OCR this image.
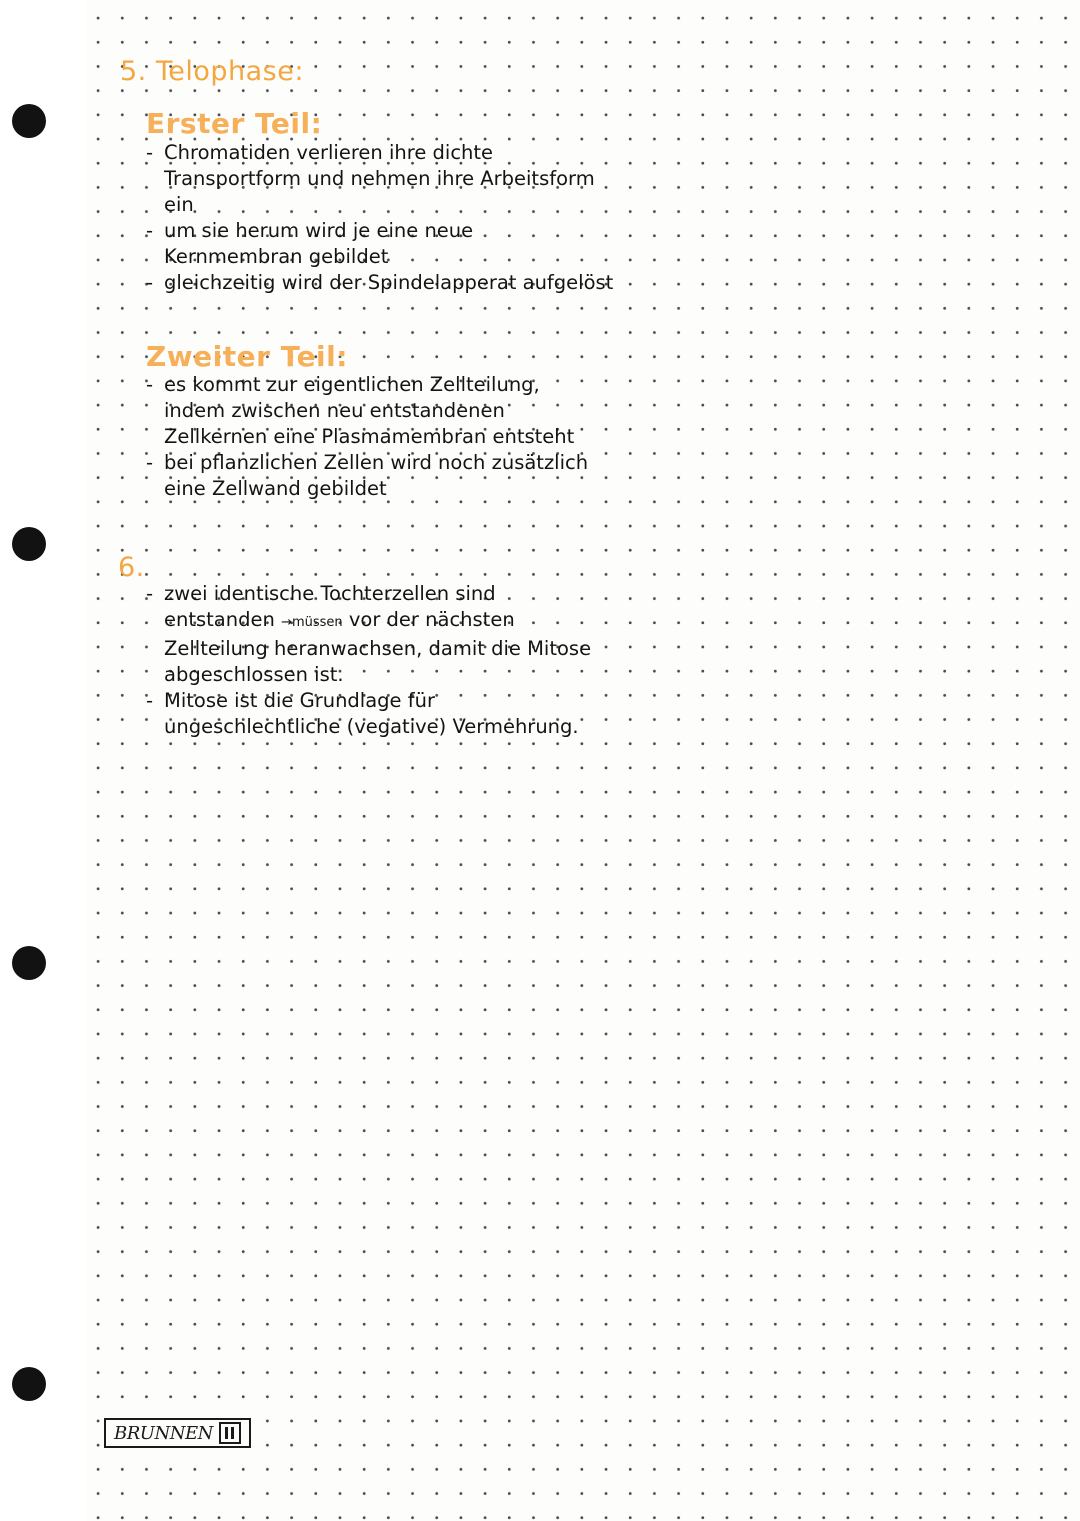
5. Telophase:
Erster Teil:
- Chromatiden verlieren ihre dichte Transportform und nehmen ihre Arbeitsform ein
- um sie herum wird je eine neue Kernmembran gebildet
- gleichzeitig wird der Spindelapperat aufgelöst
Zweiter Teil:
- es kommt zur eigentlichen Zellteilung, indem zwischen neu entstandenen Zellkernen eine Plasmamembran entsteht
- bei pflanzlichen Zellen wird noch zusätzlich eine Zellwand gebildet
6.
- zwei identische Tochterzellen sind entstanden →müssen vor der nächsten Zellteilung heranwachsen, damit die Mitose abgeschlossen ist.
- Mitose ist die Grundlage für ungeschlechtliche (vegative) Vermehrung.
BRUNNEN
